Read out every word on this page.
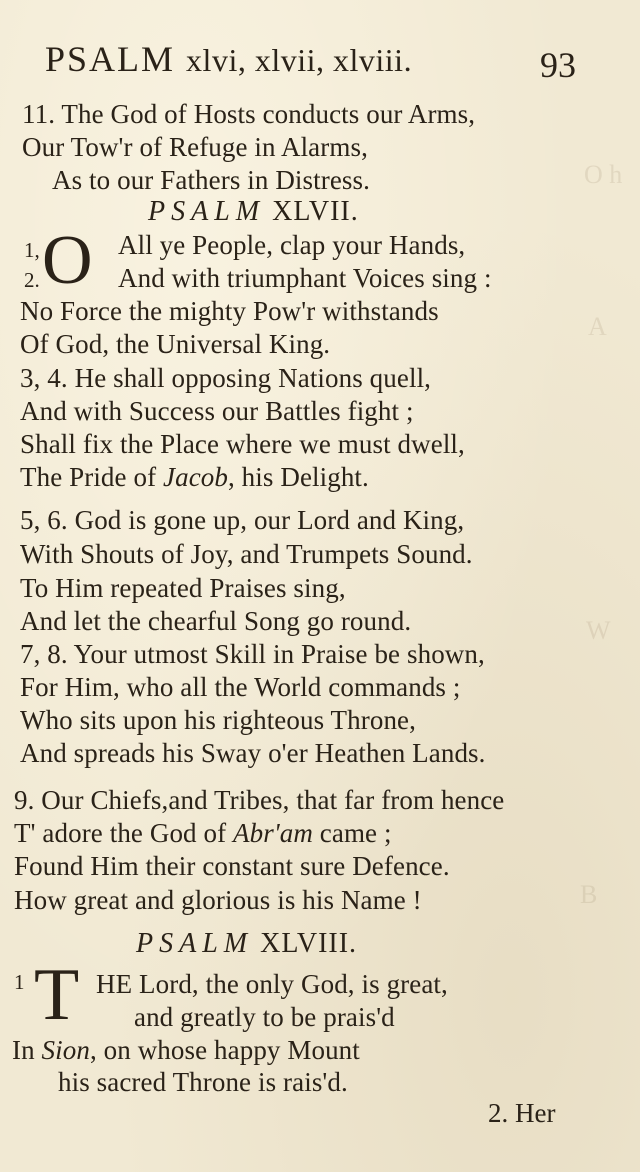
O h
A
W
B
PSALM xlvi, xlvii, xlviii.	93
11. The God of Hosts conducts our Arms,
Our Tow'r of Refuge in Alarms,
As to our Fathers in Distress.
PSALM XLVII.
1,
2. O All ye People, clap your Hands,
And with triumphant Voices sing :
No Force the mighty Pow'r withstands
Of God, the Universal King.
3, 4. He shall opposing Nations quell,
And with Success our Battles fight ;
Shall fix the Place where we must dwell,
The Pride of Jacob, his Delight.
5, 6. God is gone up, our Lord and King,
With Shouts of Joy, and Trumpets Sound.
To Him repeated Praises sing,
And let the chearful Song go round.
7, 8. Your utmost Skill in Praise be shown,
For Him, who all the World commands ;
Who sits upon his righteous Throne,
And spreads his Sway o'er Heathen Lands.
9. Our Chiefs,and Tribes, that far from hence
T' adore the God of Abr'am came ;
Found Him their constant sure Defence.
How great and glorious is his Name !
PSALM XLVIII.
1 T HE Lord, the only God, is great,
and greatly to be prais'd
In Sion, on whose happy Mount
his sacred Throne is rais'd.
2. Her
